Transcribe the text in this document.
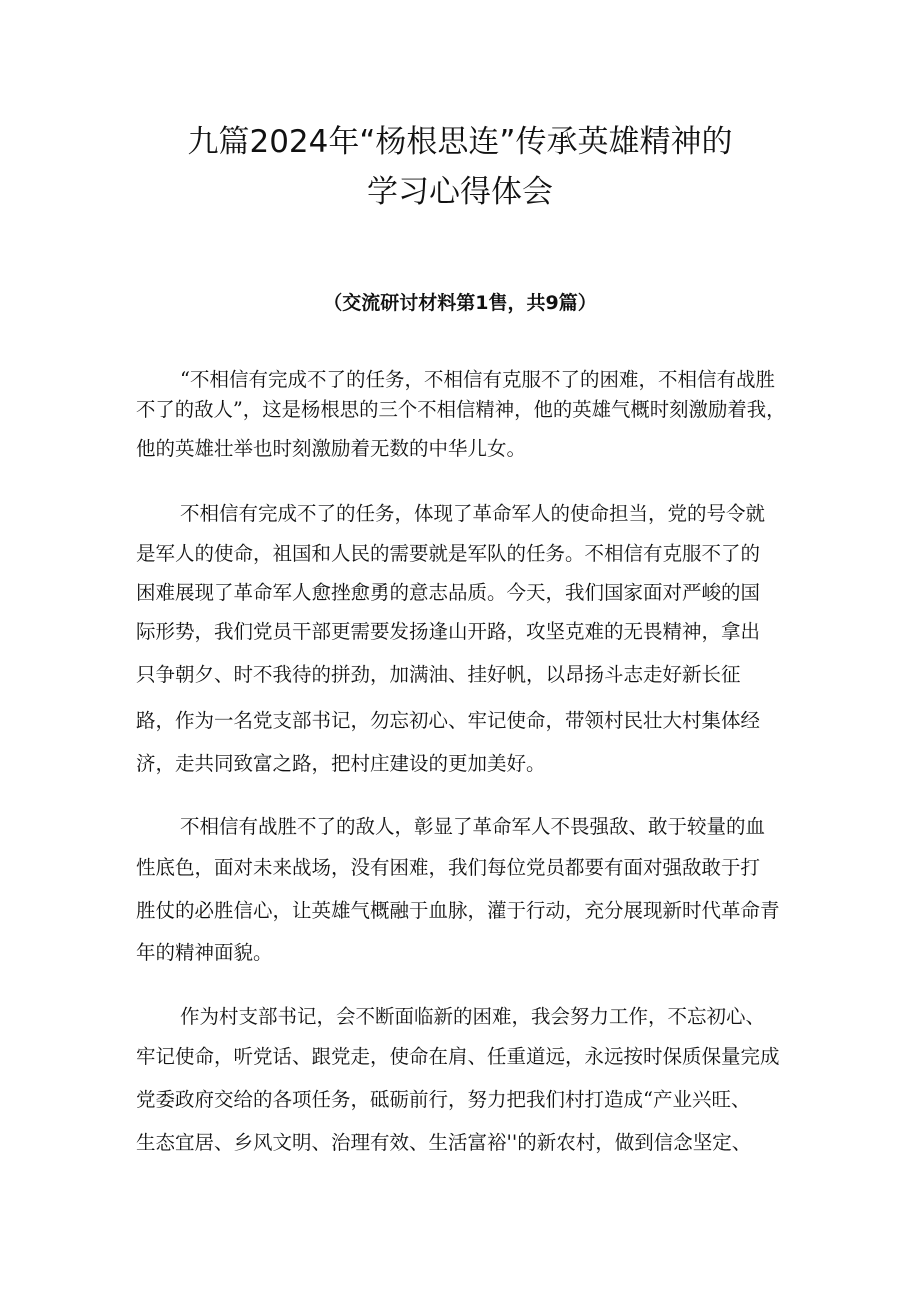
九篇2024年“杨根思连”传承英雄精神的
学习心得体会
（交流研讨材料第1售，共9篇）
“不相信有完成不了的任务，不相信有克服不了的困难，不相信有战胜
不了的敌人”，这是杨根思的三个不相信精神，他的英雄气概时刻激励着我，
他的英雄壮举也时刻激励着无数的中华儿女。
不相信有完成不了的任务，体现了革命军人的使命担当，党的号令就
是军人的使命，祖国和人民的需要就是军队的任务。不相信有克服不了的
困难展现了革命军人愈挫愈勇的意志品质。今天，我们国家面对严峻的国
际形势，我们党员干部更需要发扬逢山开路，攻坚克难的无畏精神，拿出
只争朝夕、时不我待的拼劲，加满油、挂好帆，以昂扬斗志走好新长征
路，作为一名党支部书记，勿忘初心、牢记使命，带领村民壮大村集体经
济，走共同致富之路，把村庄建设的更加美好。
不相信有战胜不了的敌人，彰显了革命军人不畏强敌、敢于较量的血
性底色，面对未来战场，没有困难，我们每位党员都要有面对强敌敢于打
胜仗的必胜信心，让英雄气概融于血脉，灌于行动，充分展现新时代革命青
年的精神面貌。
作为村支部书记，会不断面临新的困难，我会努力工作，不忘初心、
牢记使命，听党话、跟党走，使命在肩、任重道远，永远按时保质保量完成
党委政府交给的各项任务，砥砺前行，努力把我们村打造成“产业兴旺、
生态宜居、乡风文明、治理有效、生活富裕''的新农村，做到信念坚定、
